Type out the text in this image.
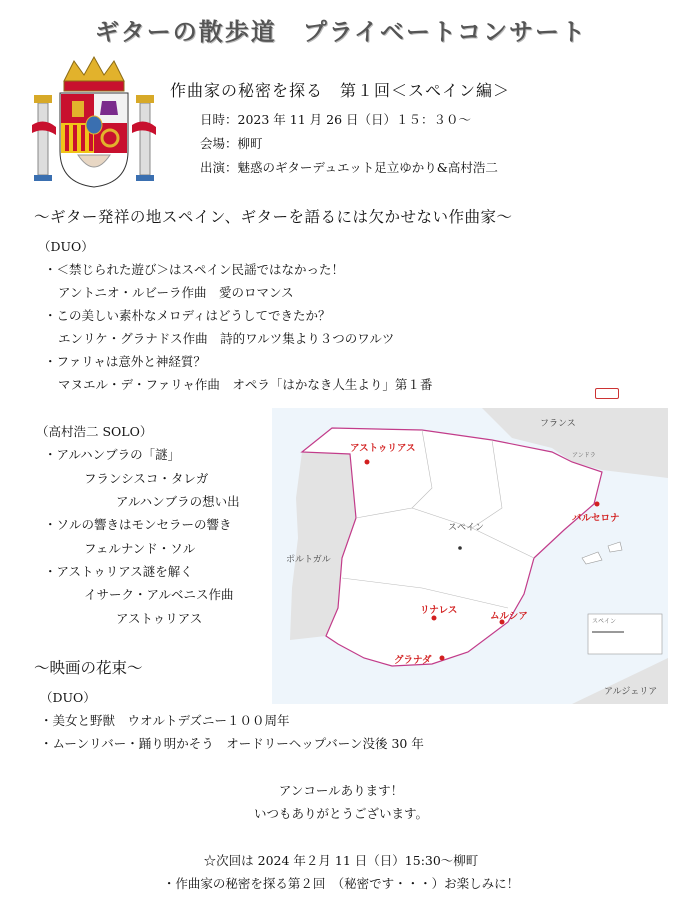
ギターの散歩道　プライベートコンサート
作曲家の秘密を探る　第１回＜スペイン編＞
日時：2023 年 11 月 26 日（日）１５：３０〜
会場：柳町
出演：魅惑のギターデュエット足立ゆかり&高村浩二
〜ギター発祥の地スペイン、ギターを語るには欠かせない作曲家〜
（DUO）
・＜禁じられた遊び＞はスペイン民謡ではなかった！
アントニオ・ルビーラ作曲　愛のロマンス
・この美しい素朴なメロディはどうしてできたか？
エンリケ・グラナドス作曲　詩的ワルツ集より３つのワルツ
・ファリャは意外と神経質？
マヌエル・デ・ファリャ作曲　オペラ「はかなき人生より」第１番
（高村浩二 SOLO）
・アルハンブラの「謎」
フランシスコ・タレガ
アルハンブラの想い出
・ソルの響きはモンセラーの響き
フェルナンド・ソル
・アストゥリアス謎を解く
イサーク・アルベニス作曲
アストゥリアス
アストゥリアス
バルセロナ
リナレス
ムルシア
グラナダ
スペイン
ポルトガル
フランス
アンドラ
アルジェリア
スペイン
〜映画の花束〜
（DUO）
・美女と野獣　ウオルトデズニー１００周年
・ムーンリバー・踊り明かそう　オードリーヘップバーン没後 30 年
アンコールあります！
いつもありがとうございます。
☆次回は 2024 年２月 11 日（日）15:30〜柳町
・作曲家の秘密を探る第２回　（秘密です・・・）お楽しみに！
